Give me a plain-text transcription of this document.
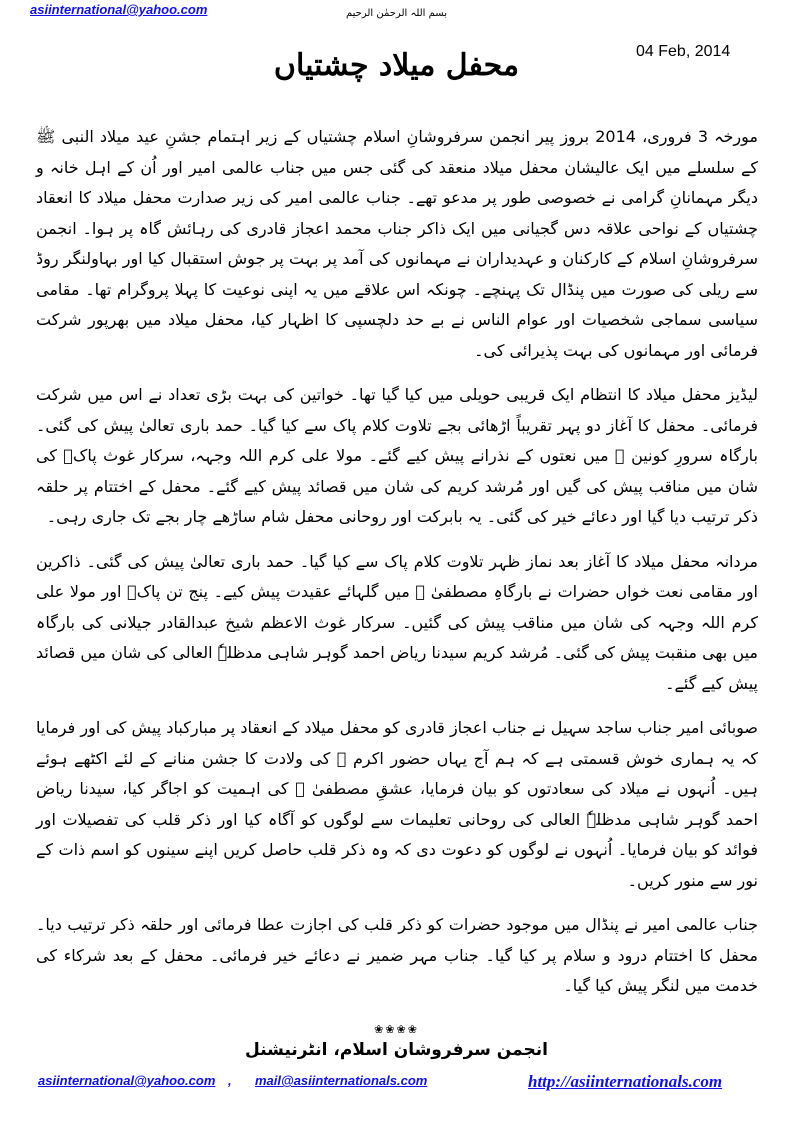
asiinternational@yahoo.com	بسم اللہ الرحمٰن الرحیم
04 Feb, 2014
محفل میلاد چشتیاں

مورخہ 3 فروری، 2014 بروز پیر انجمن سرفروشانِ اسلام چشتیاں کے زیر اہتمام جشنِ عید میلاد النبی ﷺ کے سلسلے میں ایک عالیشان محفل میلاد منعقد کی گئی جس میں جناب عالمی امیر اور اُن کے اہل خانہ و دیگر مہمانانِ گرامی نے خصوصی طور پر مدعو تھے۔ جناب عالمی امیر کی زیر صدارت محفل میلاد کا انعقاد چشتیاں کے نواحی علاقہ دس گجیانی میں ایک ذاکر جناب محمد اعجاز قادری کی رہائش گاہ پر ہوا۔ انجمن سرفروشانِ اسلام کے کارکنان و عہدیداران نے مہمانوں کی آمد پر بہت پر جوش استقبال کیا اور بہاولنگر روڈ سے ریلی کی صورت میں پنڈال تک پہنچے۔ چونکہ اس علاقے میں یہ اپنی نوعیت کا پہلا پروگرام تھا۔ مقامی سیاسی سماجی شخصیات اور عوام الناس نے بے حد دلچسپی کا اظہار کیا، محفل میلاد میں بھرپور شرکت فرمائی اور مہمانوں کی بہت پذیرائی کی۔

لیڈیز محفل میلاد کا انتظام ایک قریبی حویلی میں کیا گیا تھا۔ خواتین کی بہت بڑی تعداد نے اس میں شرکت فرمائی۔ محفل کا آغاز دو پہر تقریباً اڑھائی بجے تلاوت کلام پاک سے کیا گیا۔ حمد باری تعالیٰ پیش کی گئی۔ بارگاہ سرورِ کونین ﷺ میں نعتوں کے نذرانے پیش کیے گئے۔ مولا علی کرم اللہ وجہہ، سرکار غوث پاکؒ کی شان میں مناقب پیش کی گیں اور مُرشد کریم کی شان میں قصائد پیش کیے گئے۔ محفل کے اختتام پر حلقہ ذکر ترتیب دیا گیا اور دعائے خیر کی گئی۔ یہ بابرکت اور روحانی محفل شام ساڑھے چار بجے تک جاری رہی۔

مردانہ محفل میلاد کا آغاز بعد نماز ظہر تلاوت کلام پاک سے کیا گیا۔ حمد باری تعالیٰ پیش کی گئی۔ ذاکرین اور مقامی نعت خواں حضرات نے بارگاہِ مصطفیٰ ﷺ میں گلہائے عقیدت پیش کیے۔ پنج تن پاکؑ اور مولا علی کرم اللہ وجہہ کی شان میں مناقب پیش کی گئیں۔ سرکار غوث الاعظم شیخ عبدالقادر جیلانی کی بارگاہ میں بھی منقبت پیش کی گئی۔ مُرشد کریم سیدنا ریاض احمد گوہر شاہی مدظلہٗ العالی کی شان میں قصائد پیش کیے گئے۔

صوبائی امیر جناب ساجد سہیل نے جناب اعجاز قادری کو محفل میلاد کے انعقاد پر مبارکباد پیش کی اور فرمایا کہ یہ ہماری خوش قسمتی ہے کہ ہم آج یہاں حضور اکرم ﷺ کی ولادت کا جشن منانے کے لئے اکٹھے ہوئے ہیں۔ اُنہوں نے میلاد کی سعادتوں کو بیان فرمایا، عشقِ مصطفیٰ ﷺ کی اہمیت کو اجاگر کیا، سیدنا ریاض احمد گوہر شاہی مدظلہٗ العالی کی روحانی تعلیمات سے لوگوں کو آگاہ کیا اور ذکر قلب کی تفصیلات اور فوائد کو بیان فرمایا۔ اُنہوں نے لوگوں کو دعوت دی کہ وہ ذکر قلب حاصل کریں اپنے سینوں کو اسم ذات کے نور سے منور کریں۔

جناب عالمی امیر نے پنڈال میں موجود حضرات کو ذکر قلب کی اجازت عطا فرمائی اور حلقہ ذکر ترتیب دیا۔ محفل کا اختتام درود و سلام پر کیا گیا۔ جناب مہر ضمیر نے دعائے خیر فرمائی۔ محفل کے بعد شرکاء کی خدمت میں لنگر پیش کیا گیا۔

❀❀❀❀
انجمن سرفروشان اسلام، انٹرنیشنل
asiinternational@yahoo.com , mail@asiinternationals.com	http://asiinternationals.com
